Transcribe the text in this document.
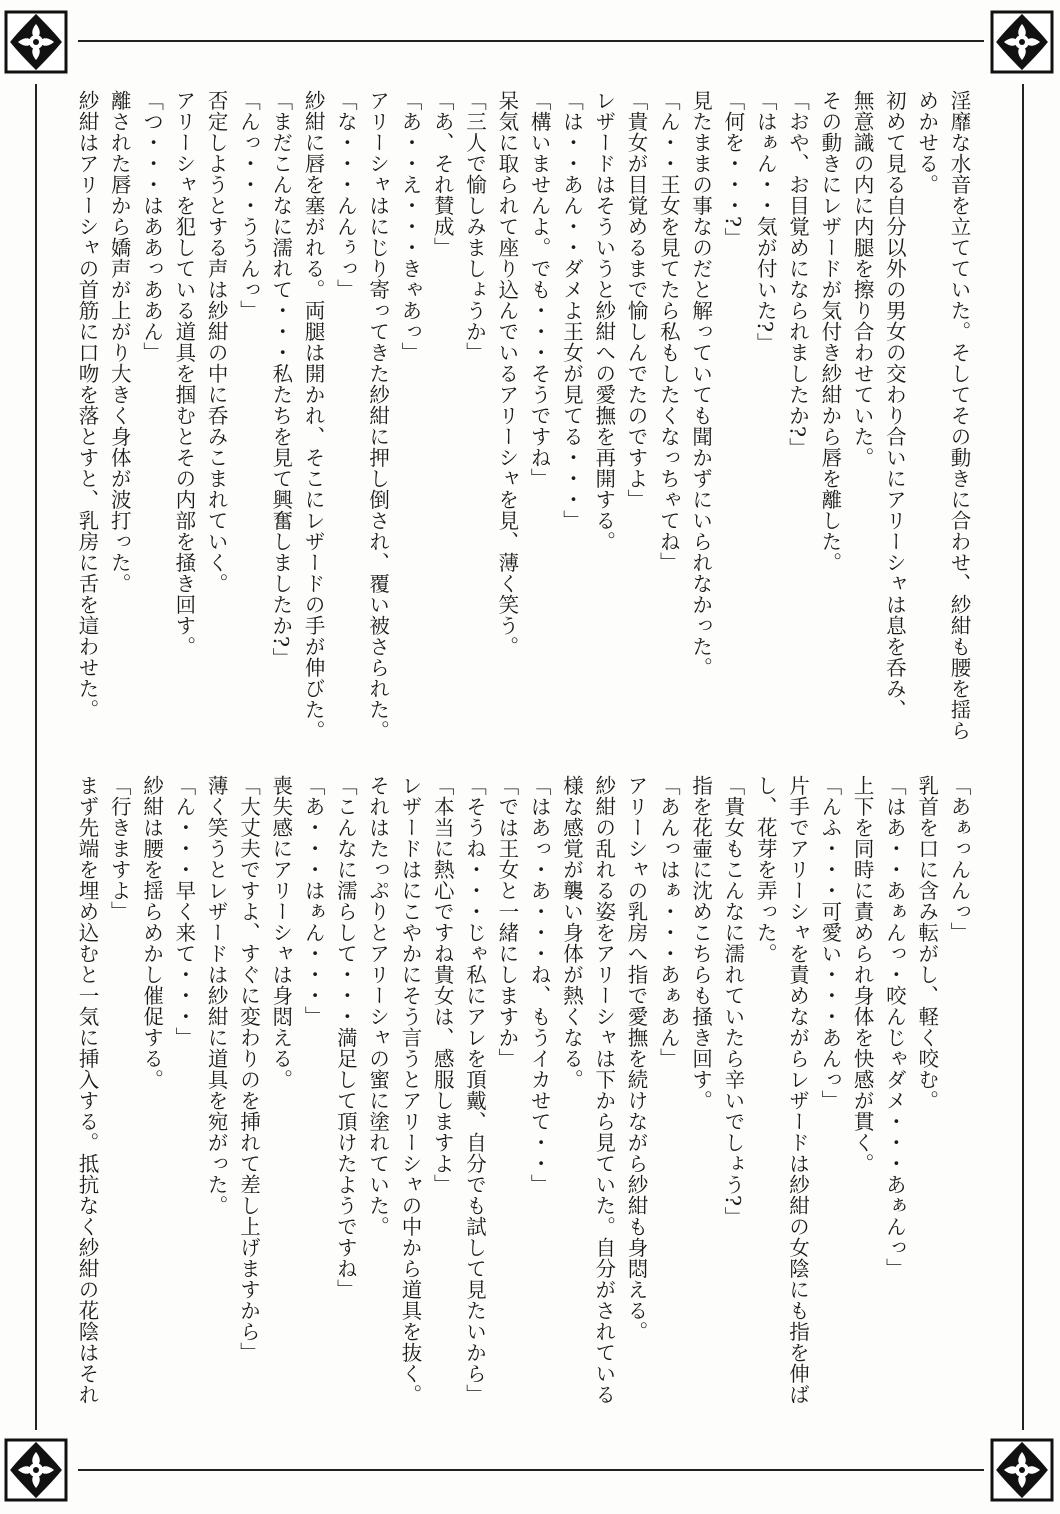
淫靡な水音を立てていた。そしてその動きに合わせ、紗紺も腰を揺ら

めかせる。

初めて見る自分以外の男女の交わり合いにアリーシャは息を呑み、

無意識の内に内腿を擦り合わせていた。

その動きにレザードが気付き紗紺から唇を離した。

「おや、お目覚めになられましたか?」

「はぁん・・気が付いた?」

「何を・・・?」

見たままの事なのだと解っていても聞かずにいられなかった。

「ん・・王女を見てたら私もしたくなっちゃてね」

「貴女が目覚めるまで愉しんでたのですよ」

レザードはそういうと紗紺への愛撫を再開する。

「は・・あん・・ダメよ王女が見てる・・・」

「構いませんよ。でも・・・そうですね」

呆気に取られて座り込んでいるアリーシャを見、薄く笑う。

「三人で愉しみましょうか」

「あ、それ賛成」

「あ・・え・・・きゃあっ」

アリーシャはにじり寄ってきた紗紺に押し倒され、覆い被さられた。

「な・・・んんぅっ」

紗紺に唇を塞がれる。両腿は開かれ、そこにレザードの手が伸びた。

「まだこんなに濡れて・・・私たちを見て興奮しましたか?」

「んっ・・・ううんっ」

否定しようとする声は紗紺の中に呑みこまれていく。

アリーシャを犯している道具を掴むとその内部を掻き回す。

「つ・・・はああっああん」

離された唇から嬌声が上がり大きく身体が波打った。

紗紺はアリーシャの首筋に口吻を落とすと、乳房に舌を這わせた。

「あぁっんんっ」

乳首を口に含み転がし、軽く咬む。

「はあ・・あぁんっ・咬んじゃダメ・・・あぁんっ」

上下を同時に責められ身体を快感が貫く。

「んふ・・・可愛い・・・あんっ」

片手でアリーシャを責めながらレザードは紗紺の女陰にも指を伸ば

し、花芽を弄った。

「貴女もこんなに濡れていたら辛いでしょう?」

指を花壷に沈めこちらも掻き回す。

「あんっはぁ・・・あぁあん」

アリーシャの乳房へ指で愛撫を続けながら紗紺も身悶える。

紗紺の乱れる姿をアリーシャは下から見ていた。自分がされている

様な感覚が襲い身体が熱くなる。

「はあっ・あ・・・ね、もうイカせて・・」

「では王女と一緒にしますか」

「そうね・・・じゃ私にアレを頂戴、自分でも試して見たいから」

「本当に熱心ですね貴女は、感服しますよ」

レザードはにこやかにそう言うとアリーシャの中から道具を抜く。

それはたっぷりとアリーシャの蜜に塗れていた。

「こんなに濡らして・・・満足して頂けたようですね」

「あ・・・はぁん・・・」

喪失感にアリーシャは身悶える。

「大丈夫ですよ、すぐに変わりのを挿れて差し上げますから」

薄く笑うとレザードは紗紺に道具を宛がった。

「ん・・・早く来て・・・」

紗紺は腰を揺らめかし催促する。

「行きますよ」

まず先端を埋め込むと一気に挿入する。抵抗なく紗紺の花陰はそれ
